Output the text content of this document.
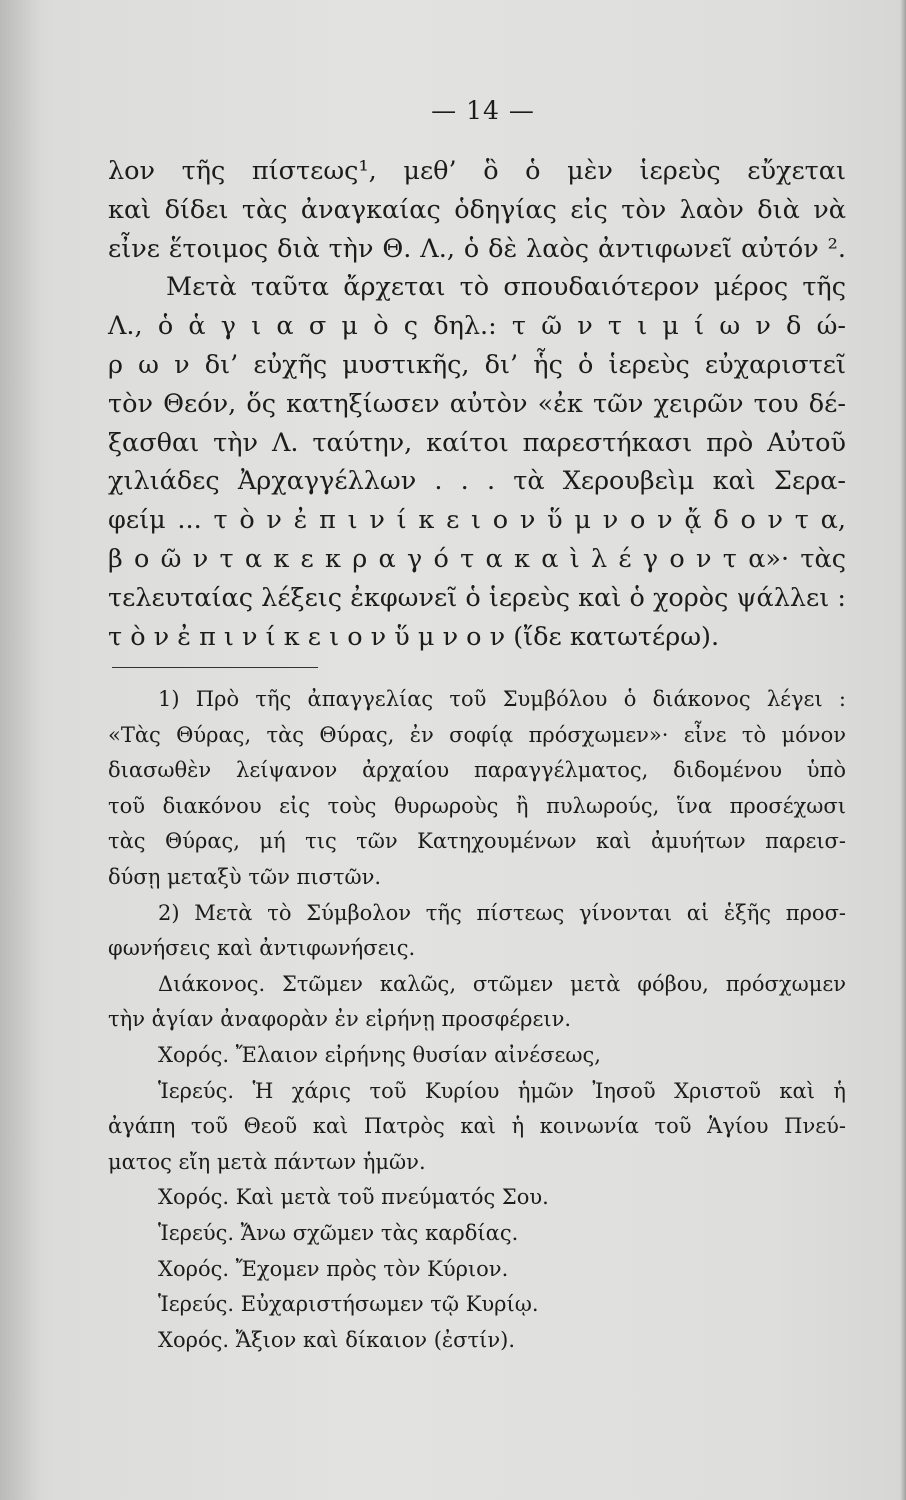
— 14 —
λον τῆς πίστεως¹, μεθ’ ὃ ὁ μὲν ἱερεὺς εὔχεται
καὶ δίδει τὰς ἀναγκαίας ὁδηγίας εἰς τὸν λαὸν διὰ νὰ
εἶνε ἕτοιμος διὰ τὴν Θ. Λ., ὁ δὲ λαὸς ἀντιφωνεῖ αὐτόν ².
Μετὰ ταῦτα ἄρχεται τὸ σπουδαιότερον μέρος τῆς
Λ., ὁ ἁ γ ι α σ μ ὸ ς δηλ.: τ ῶ ν τ ι μ ί ω ν δ ώ-
ρ ω ν δι’ εὐχῆς μυστικῆς, δι’ ἧς ὁ ἱερεὺς εὐχαριστεῖ
τὸν Θεόν, ὅς κατηξίωσεν αὐτὸν «ἐκ τῶν χειρῶν του δέ-
ξασθαι τὴν Λ. ταύτην, καίτοι παρεστήκασι πρὸ Αὐτοῦ
χιλιάδες Ἀρχαγγέλλων . . . τὰ Χερουβεὶμ καὶ Σερα-
φείμ ... τ ὸ ν ἐ π ι ν ί κ ε ι ο ν ὕ μ ν ο ν ᾄ δ ο ν τ α,
β ο ῶ ν τ α κ ε κ ρ α γ ό τ α κ α ὶ λ έ γ ο ν τ α»· τὰς
τελευταίας λέξεις ἐκφωνεῖ ὁ ἱερεὺς καὶ ὁ χορὸς ψάλλει :
τ ὸ ν ἐ π ι ν ί κ ε ι ο ν ὕ μ ν ο ν (ἴδε κατωτέρω).
1) Πρὸ τῆς ἀπαγγελίας τοῦ Συμβόλου ὁ διάκονος λέγει :
«Τὰς Θύρας, τὰς Θύρας, ἐν σοφίᾳ πρόσχωμεν»· εἶνε τὸ μόνον
διασωθὲν λείψανον ἀρχαίου παραγγέλματος, διδομένου ὑπὸ
τοῦ διακόνου εἰς τοὺς θυρωροὺς ἢ πυλωρούς, ἵνα προσέχωσι
τὰς Θύρας, μή τις τῶν Κατηχουμένων καὶ ἀμυήτων παρεισ-
δύσῃ μεταξὺ τῶν πιστῶν.
2) Μετὰ τὸ Σύμβολον τῆς πίστεως γίνονται αἱ ἑξῆς προσ-
φωνήσεις καὶ ἀντιφωνήσεις.
Διάκονος. Στῶμεν καλῶς, στῶμεν μετὰ φόβου, πρόσχωμεν
τὴν ἁγίαν ἀναφορὰν ἐν εἰρήνῃ προσφέρειν.
Χορός. Ἔλαιον εἰρήνης θυσίαν αἰνέσεως,
Ἱερεύς. Ἡ χάρις τοῦ Κυρίου ἡμῶν Ἰησοῦ Χριστοῦ καὶ ἡ
ἀγάπη τοῦ Θεοῦ καὶ Πατρὸς καὶ ἡ κοινωνία τοῦ Ἁγίου Πνεύ-
ματος εἴη μετὰ πάντων ἡμῶν.
Χορός. Καὶ μετὰ τοῦ πνεύματός Σου.
Ἱερεύς. Ἄνω σχῶμεν τὰς καρδίας.
Χορός. Ἔχομεν πρὸς τὸν Κύριον.
Ἱερεύς. Εὐχαριστήσωμεν τῷ Κυρίῳ.
Χορός. Ἄξιον καὶ δίκαιον (ἐστίν).
